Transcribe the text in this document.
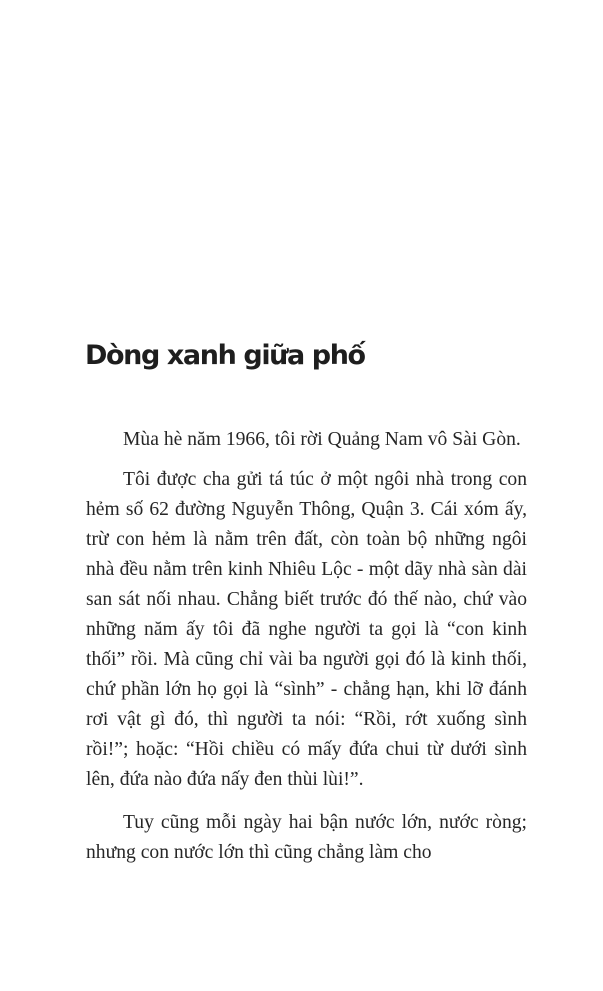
Dòng xanh giữa phố

Mùa hè năm 1966, tôi rời Quảng Nam vô Sài Gòn.

Tôi được cha gửi tá túc ở một ngôi nhà trong con hẻm số 62 đường Nguyễn Thông, Quận 3. Cái xóm ấy, trừ con hẻm là nằm trên đất, còn toàn bộ những ngôi nhà đều nằm trên kinh Nhiêu Lộc - một dãy nhà sàn dài san sát nối nhau. Chẳng biết trước đó thế nào, chứ vào những năm ấy tôi đã nghe người ta gọi là “con kinh thối” rồi. Mà cũng chỉ vài ba người gọi đó là kinh thối, chứ phần lớn họ gọi là “sình” - chẳng hạn, khi lỡ đánh rơi vật gì đó, thì người ta nói: “Rồi, rớt xuống sình rồi!”; hoặc: “Hồi chiều có mấy đứa chui từ dưới sình lên, đứa nào đứa nấy đen thùi lùi!”.

Tuy cũng mỗi ngày hai bận nước lớn, nước ròng; nhưng con nước lớn thì cũng chẳng làm cho
